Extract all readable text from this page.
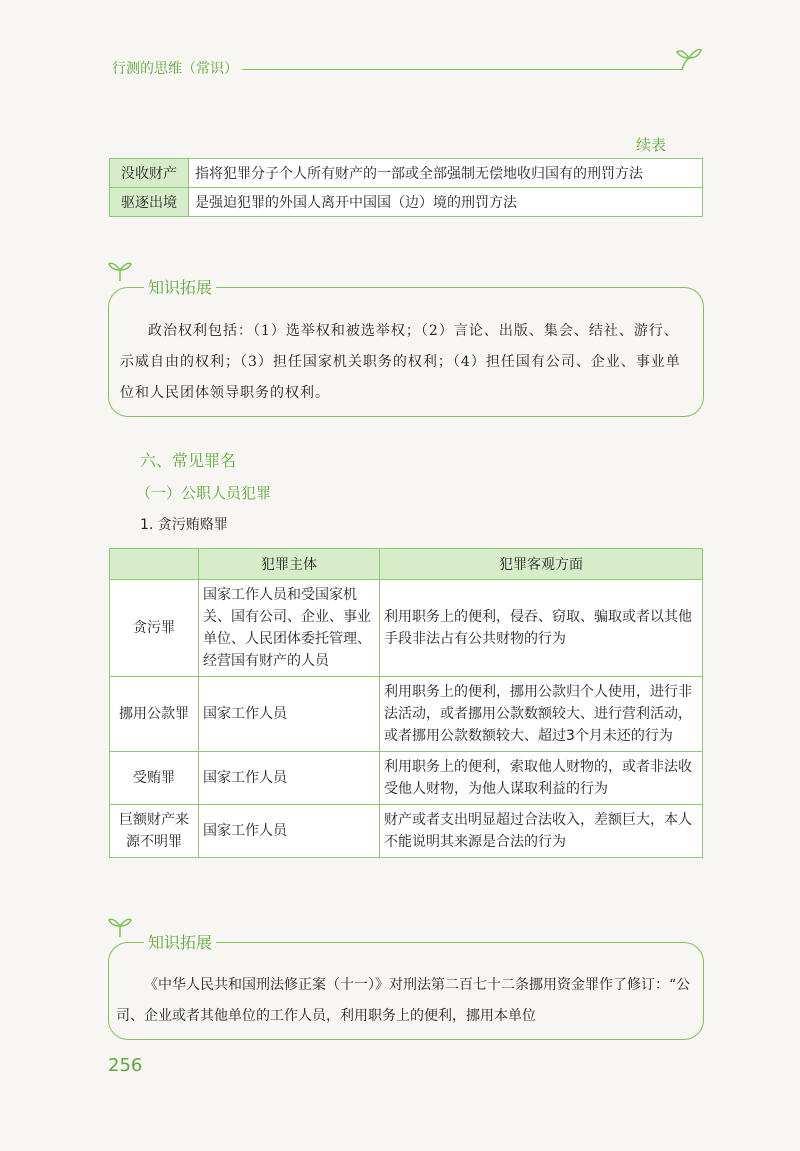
行测的思维（常识）
续表
没收财产	指将犯罪分子个人所有财产的一部或全部强制无偿地收归国有的刑罚方法
驱逐出境	是强迫犯罪的外国人离开中国国（边）境的刑罚方法
知识拓展
政治权利包括：（1）选举权和被选举权；（2）言论、出版、集会、结社、游行、示威自由的权利；（3）担任国家机关职务的权利；（4）担任国有公司、企业、事业单位和人民团体领导职务的权利。
六、常见罪名
（一）公职人员犯罪
1. 贪污贿赂罪
	犯罪主体	犯罪客观方面
贪污罪	国家工作人员和受国家机关、国有公司、企业、事业单位、人民团体委托管理、经营国有财产的人员	利用职务上的便利，侵吞、窃取、骗取或者以其他手段非法占有公共财物的行为
挪用公款罪	国家工作人员	利用职务上的便利，挪用公款归个人使用，进行非法活动，或者挪用公款数额较大、进行营利活动，或者挪用公款数额较大、超过3个月未还的行为
受贿罪	国家工作人员	利用职务上的便利，索取他人财物的，或者非法收受他人财物，为他人谋取利益的行为
巨额财产来源不明罪	国家工作人员	财产或者支出明显超过合法收入，差额巨大，本人不能说明其来源是合法的行为
知识拓展
《中华人民共和国刑法修正案（十一）》对刑法第二百七十二条挪用资金罪作了修订：“公司、企业或者其他单位的工作人员，利用职务上的便利，挪用本单位
256
